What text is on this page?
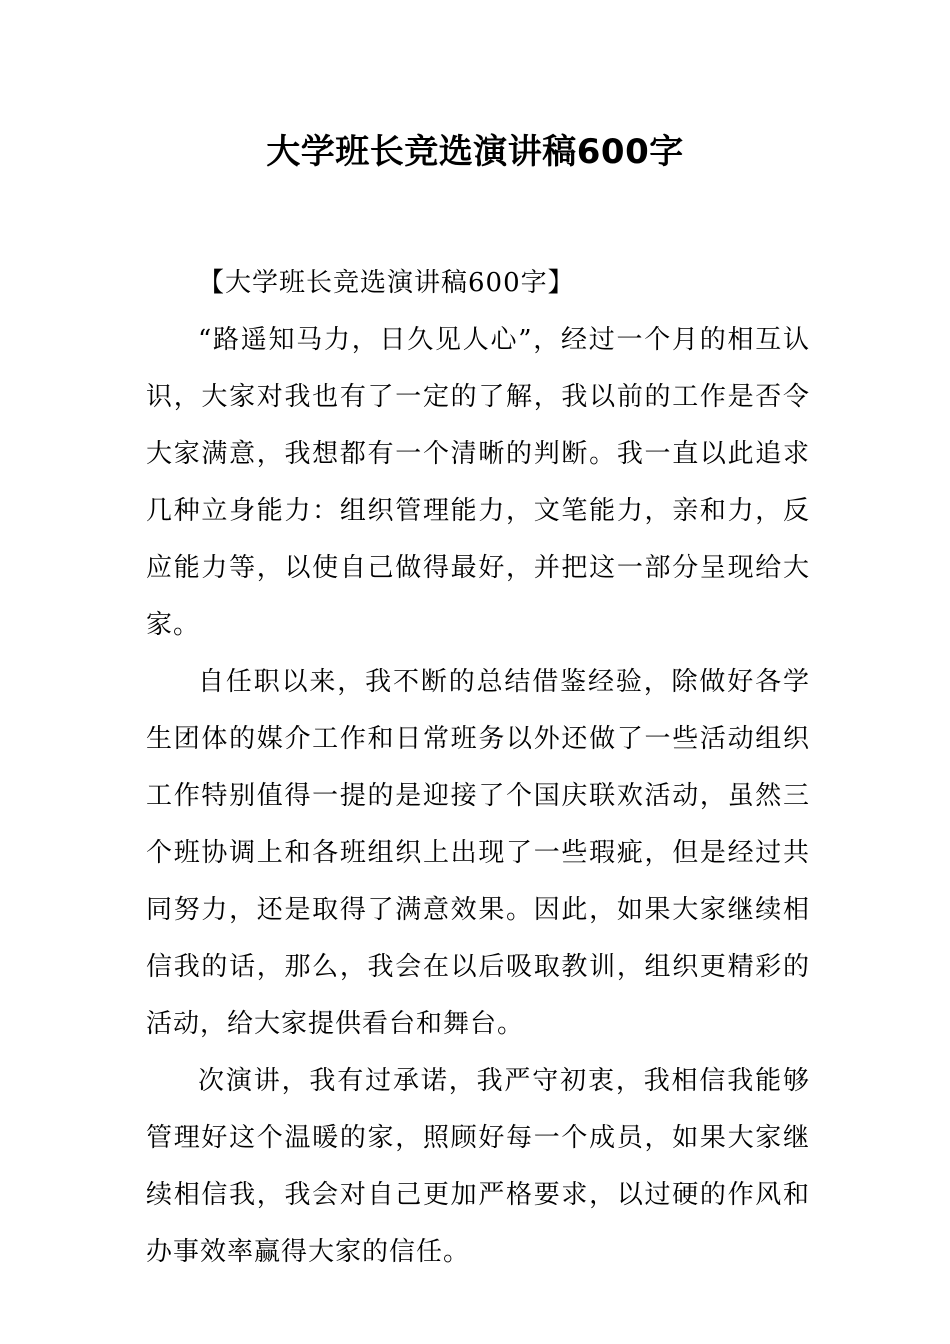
大学班长竞选演讲稿600字

【大学班长竞选演讲稿600字】

“路遥知马力，日久见人心”，经过一个月的相互认识，大家对我也有了一定的了解，我以前的工作是否令大家满意，我想都有一个清晰的判断。我一直以此追求几种立身能力：组织管理能力，文笔能力，亲和力，反应能力等，以使自己做得最好，并把这一部分呈现给大家。

自任职以来，我不断的总结借鉴经验，除做好各学生团体的媒介工作和日常班务以外还做了一些活动组织工作特别值得一提的是迎接了个国庆联欢活动，虽然三个班协调上和各班组织上出现了一些瑕疵，但是经过共同努力，还是取得了满意效果。因此，如果大家继续相信我的话，那么，我会在以后吸取教训，组织更精彩的活动，给大家提供看台和舞台。

次演讲，我有过承诺，我严守初衷，我相信我能够管理好这个温暖的家，照顾好每一个成员，如果大家继续相信我，我会对自己更加严格要求，以过硬的作风和办事效率赢得大家的信任。
